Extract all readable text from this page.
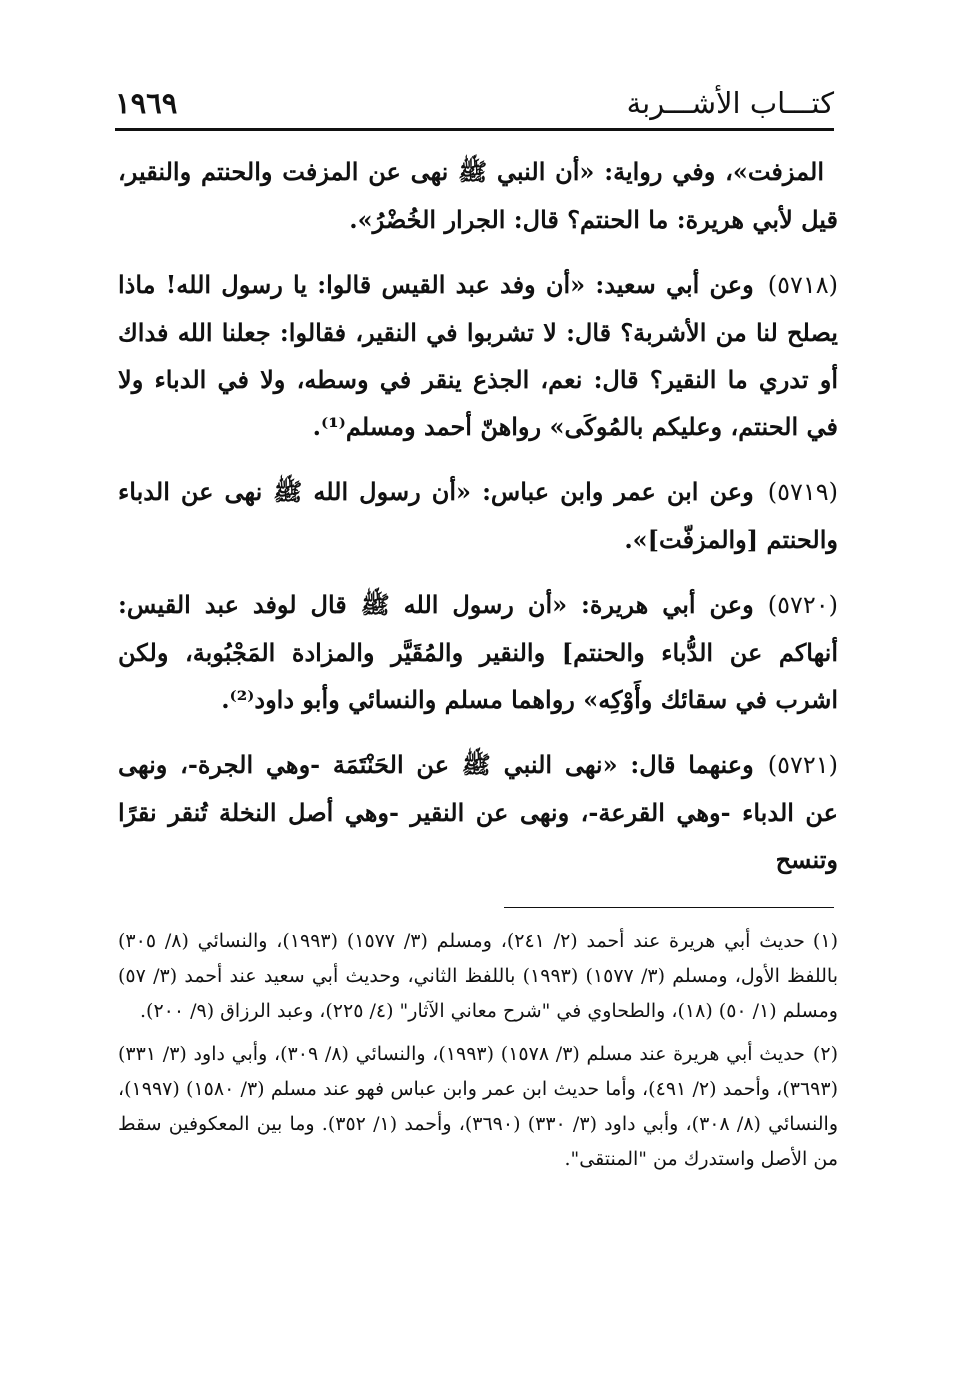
كتـــاب الأشـــربة
١٩٦٩

المزفت»، وفي رواية: «أن النبي ﷺ نهى عن المزفت والحنتم والنقير، قيل لأبي هريرة: ما الحنتم؟ قال: الجرار الخُضْرُ».

(٥٧١٨)وعن أبي سعيد: «أن وفد عبد القيس قالوا: يا رسول الله! ماذا يصلح لنا من الأشربة؟ قال: لا تشربوا في النقير، فقالوا: جعلنا الله فداك أو تدري ما النقير؟ قال: نعم، الجذع ينقر في وسطه، ولا في الدباء ولا في الحنتم، وعليكم بالمُوكَى» رواهنّ أحمد ومسلم⁽¹⁾.

(٥٧١٩)وعن ابن عمر وابن عباس: «أن رسول الله ﷺ نهى عن الدباء والحنتم [والمزفّت]».

(٥٧٢٠)وعن أبي هريرة: «أن رسول الله ﷺ قال لوفد عبد القيس: أنهاكم عن الدُّباء والحنتم] والنقير والمُقَيَّر والمزادة المَجْبُوبة، ولكن اشرب في سقائك وأَوْكِه» رواهما مسلم والنسائي وأبو داود⁽²⁾.

(٥٧٢١)وعنهما قال: «نهى النبي ﷺ عن الحَنْتَمَة -وهي الجرة-، ونهى عن الدباء -وهي القرعة-، ونهى عن النقير -وهي أصل النخلة تُنقر نقرًا وتنسح

(١)حديث أبي هريرة عند أحمد (٢/ ٢٤١)، ومسلم (٣/ ١٥٧٧) (١٩٩٣)، والنسائي (٨/ ٣٠٥) باللفظ الأول، ومسلم (٣/ ١٥٧٧) (١٩٩٣) باللفظ الثاني، وحديث أبي سعيد عند أحمد (٣/ ٥٧) ومسلم (١/ ٥٠) (١٨)، والطحاوي في "شرح معاني الآثار" (٤/ ٢٢٥)، وعبد الرزاق (٩/ ٢٠٠).

(٢)حديث أبي هريرة عند مسلم (٣/ ١٥٧٨) (١٩٩٣)، والنسائي (٨/ ٣٠٩)، وأبي داود (٣/ ٣٣١) (٣٦٩٣)، وأحمد (٢/ ٤٩١)، وأما حديث ابن عمر وابن عباس فهو عند مسلم (٣/ ١٥٨٠) (١٩٩٧)، والنسائي (٨/ ٣٠٨)، وأبي داود (٣/ ٣٣٠) (٣٦٩٠)، وأحمد (١/ ٣٥٢). وما بين المعكوفين سقط من الأصل واستدرك من "المنتقى".
